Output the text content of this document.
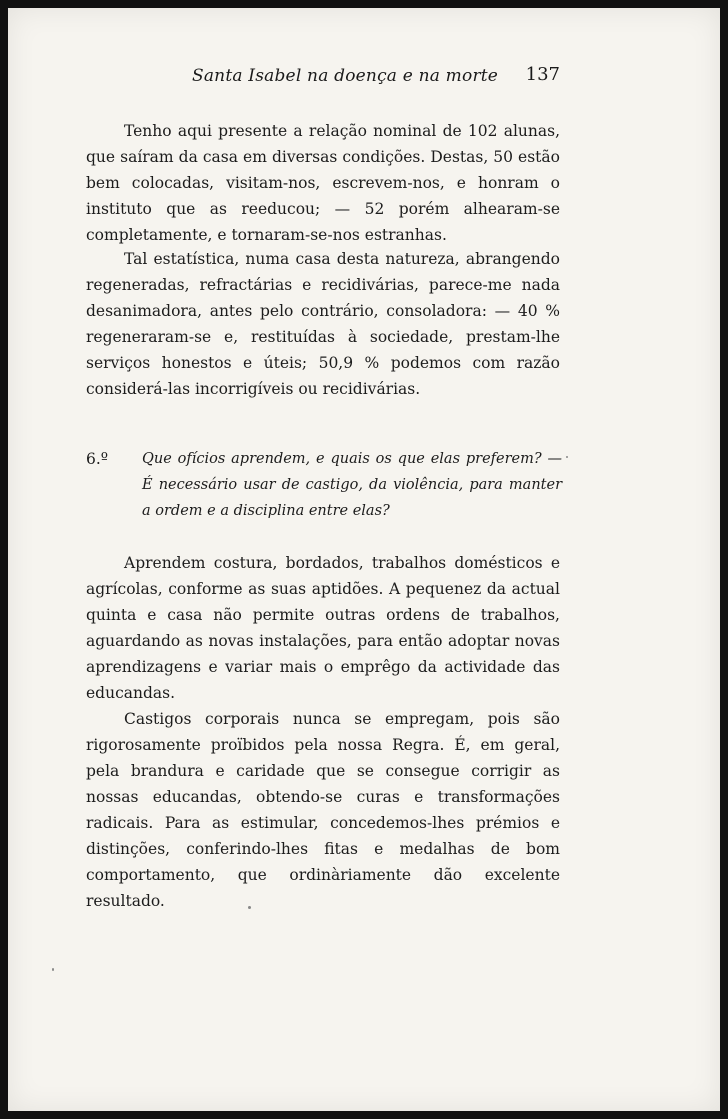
Santa Isabel na doença e na morte 137

Tenho aqui presente a relação nominal de 102 alunas, que saíram da casa em diversas condições. Destas, 50 estão bem colocadas, visitam-nos, escrevem-nos, e honram o instituto que as reeducou; — 52 porém alhearam-se completamente, e tornaram-se-nos estranhas.

Tal estatística, numa casa desta natureza, abrangendo regeneradas, refractárias e recidivárias, parece-me nada desanimadora, antes pelo contrário, consoladora: — 40 % regeneraram-se e, restituídas à sociedade, prestam-lhe serviços honestos e úteis; 50,9 % podemos com razão considerá-las incorrigíveis ou recidivárias.

6.º Que ofícios aprendem, e quais os que elas preferem? — É necessário usar de castigo, da violência, para manter a ordem e a disciplina entre elas?

Aprendem costura, bordados, trabalhos domésticos e agrícolas, conforme as suas aptidões. A pequenez da actual quinta e casa não permite outras ordens de trabalhos, aguardando as novas instalações, para então adoptar novas aprendizagens e variar mais o emprêgo da actividade das educandas.

Castigos corporais nunca se empregam, pois são rigorosamente proïbidos pela nossa Regra. É, em geral, pela brandura e caridade que se consegue corrigir as nossas educandas, obtendo-se curas e transformações radicais. Para as estimular, concedemos-lhes prémios e distinções, conferindo-lhes fitas e medalhas de bom comportamento, que ordinàriamente dão excelente resultado.
